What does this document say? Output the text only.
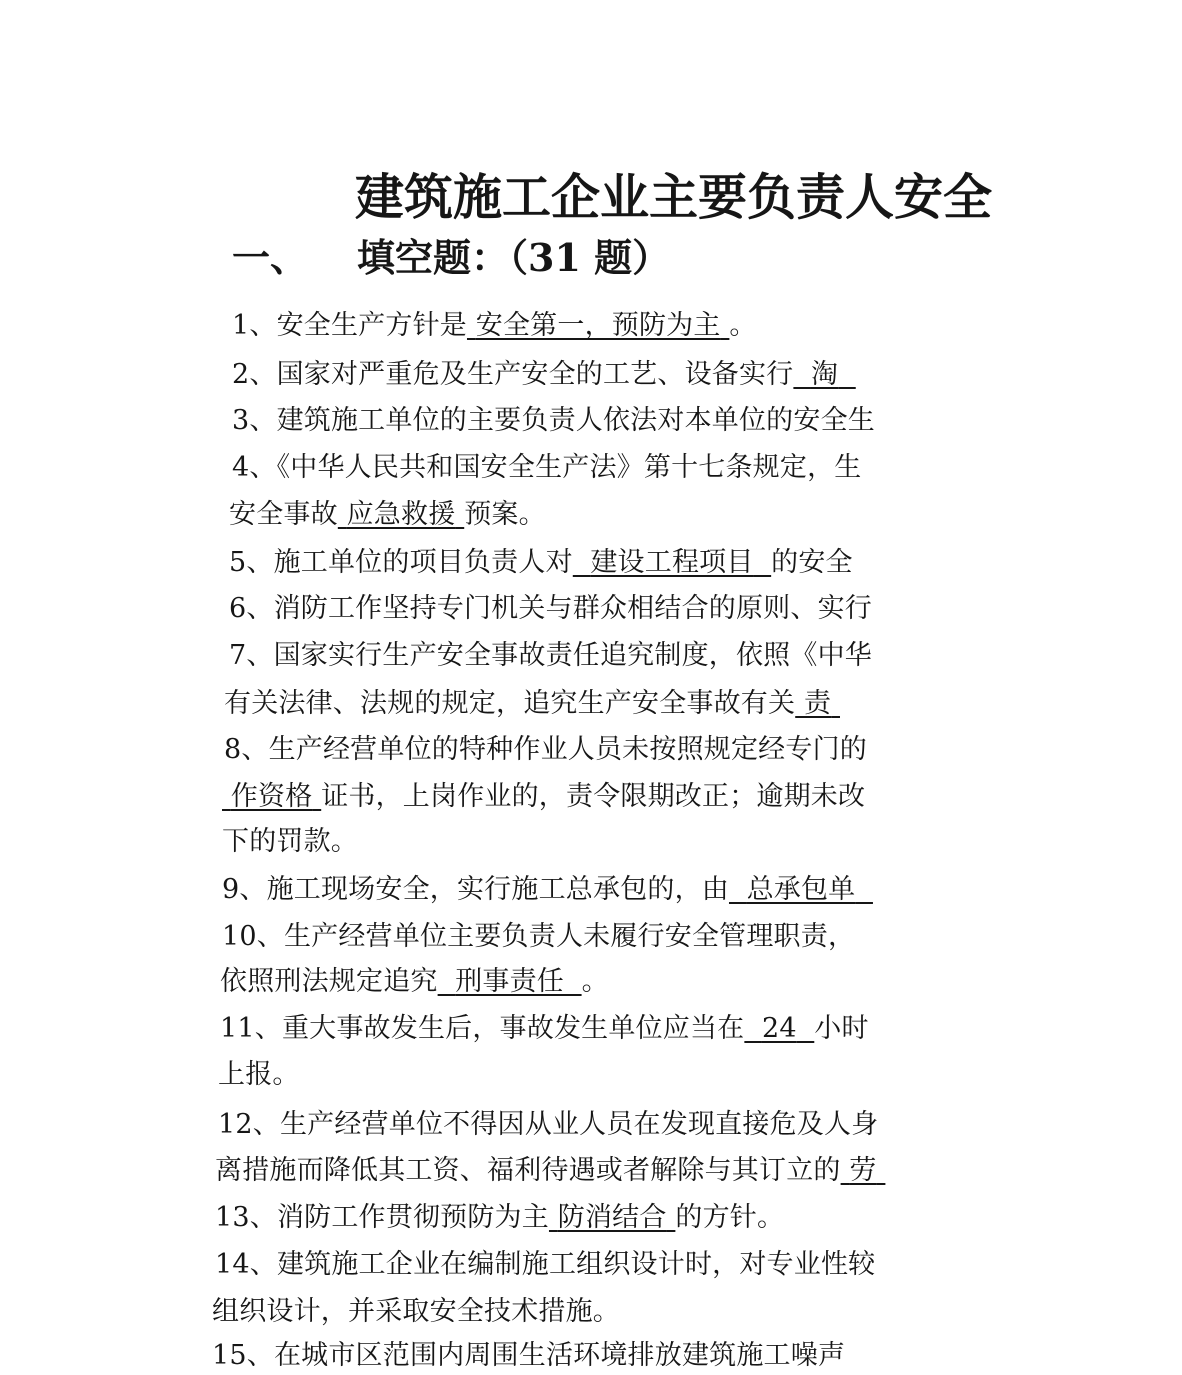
建筑施工企业主要负责人安全
一、 填空题：（31 题）
1、安全生产方针是 安全第一，预防为主 。
2、国家对严重危及生产安全的工艺、设备实行 淘
3、建筑施工单位的主要负责人依法对本单位的安全生
4、《中华人民共和国安全生产法》第十七条规定，生
安全事故 应急救援 预案。
5、施工单位的项目负责人对 建设工程项目 的安全
6、消防工作坚持专门机关与群众相结合的原则、实行
7、国家实行生产安全事故责任追究制度，依照《中华
有关法律、法规的规定，追究生产安全事故有关 责
8、生产经营单位的特种作业人员未按照规定经专门的
作资格 证书，上岗作业的，责令限期改正；逾期未改
下的罚款。
9、施工现场安全，实行施工总承包的，由 总承包单
10、生产经营单位主要负责人未履行安全管理职责，
依照刑法规定追究 刑事责任 。
11、重大事故发生后，事故发生单位应当在 24 小时
上报。
12、生产经营单位不得因从业人员在发现直接危及人身
离措施而降低其工资、福利待遇或者解除与其订立的 劳
13、消防工作贯彻预防为主 防消结合 的方针。
14、建筑施工企业在编制施工组织设计时，对专业性较
组织设计，并采取安全技术措施。
15、在城市区范围内周围生活环境排放建筑施工噪声
